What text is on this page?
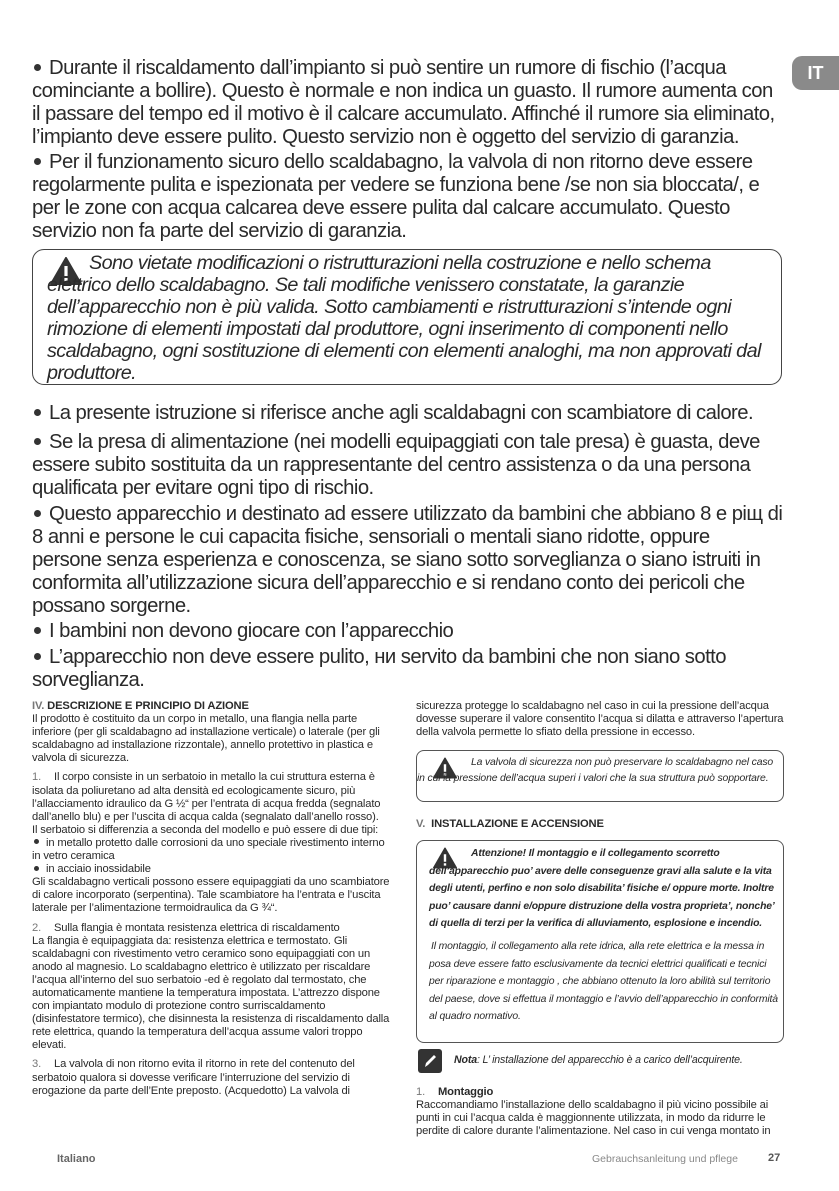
IT
Durante il riscaldamento dall’impianto si può sentire un rumore di fischio (l’acqua cominciante a bollire). Questo è normale e non indica un guasto. Il rumore aumenta con il passare del tempo ed il motivo è il calcare accumulato. Affinché il rumore sia eliminato, l’impianto deve essere pulito. Questo servizio non è oggetto del servizio di garanzia.
Per il funzionamento sicuro dello scaldabagno, la valvola di non ritorno deve essere regolarmente pulita e ispezionata per vedere se funziona bene /se non sia bloccata/, e per le zone con acqua calcarea deve essere pulita dal calcare accumulato. Questo servizio non fa parte del servizio di garanzia.
Sono vietate modificazioni o ristrutturazioni nella costruzione e nello schema elettrico dello scaldabagno. Se tali modifiche venissero constatate, la garanzie dell’apparecchio non è più valida. Sotto cambiamenti e ristrutturazioni s’intende ogni rimozione di elementi impostati dal produttore, ogni inserimento di componenti nello scaldabagno, ogni sostituzione di elementi con elementi analoghi, ma non approvati dal produttore.
La presente istruzione si riferisce anche agli scaldabagni con scambiatore di calore.
Se la presa di alimentazione (nei modelli equipaggiati con tale presa) è guasta, deve essere subito sostituita da un rappresentante del centro assistenza o da una persona qualificata per evitare ogni tipo di rischio.
Questo apparecchio и destinato ad essere utilizzato da bambini che abbiano 8 e рiщ di 8 anni e persone le cui capacita fisiche, sensoriali o mentali siano ridotte, oppure persone senza esperienza e conoscenza, se siano sotto sorveglianza o siano istruiti in conformita all’utilizzazione sicura dell’apparecchio e si rendano conto dei pericoli che possano sorgerne.
I bambini non devono giocare con l’apparecchio
L’apparecchio non deve essere pulito, ни servito da bambini che non siano sotto sorveglianza.

IV. DESCRIZIONE E PRINCIPIO DI AZIONE

Il prodotto è costituito da un corpo in metallo, una flangia nella parte inferiore (per gli scaldabagno ad installazione verticale) o laterale (per gli scaldabagno ad installazione rizzontale), annello protettivo in plastica e valvola di sicurezza.

1. Il corpo consiste in un serbatoio in metallo la cui struttura esterna è isolata da poliuretano ad alta densità ed ecologicamente sicuro, più l’allacciamento idraulico da G ½“ per l’entrata di acqua fredda (segnalato dall’anello blu) e per l’uscita di acqua calda (segnalato dall’anello rosso).

Il serbatoio si differenzia a seconda del modello e può essere di due tipi:

in metallo protetto dalle corrosioni da uno speciale rivestimento interno in vetro ceramica

in acciaio inossidabile

Gli scaldabagno verticali possono essere equipaggiati da uno scambiatore di calore incorporato (serpentina). Tale scambiatore ha l’entrata e l’uscita laterale per l’alimentazione termoidraulica da G ¾“.

2. Sulla flangia è montata resistenza elettrica di riscaldamento

La flangia è equipaggiata da: resistenza elettrica e termostato. Gli scaldabagni con rivestimento vetro ceramico sono equipaggiati con un anodo al magnesio. Lo scaldabagno elettrico è utilizzato per riscaldare l’acqua all’interno del suo serbatoio -ed è regolato dal termostato, che automaticamente mantiene la temperatura impostata. L’attrezzo dispone con impiantato modulo di protezione contro surriscaldamento (disinfestatore termico), che disinnesta la resistenza di riscaldamento dalla rete elettrica, quando la temperatura dell’acqua assume valori troppo elevati.

3. La valvola di non ritorno evita il ritorno in rete del contenuto del serbatoio qualora si dovesse verificare l’interruzione del servizio di erogazione da parte dell’Ente preposto. (Acquedotto) La valvola di

sicurezza protegge lo scaldabagno nel caso in cui la pressione dell’acqua dovesse superare il valore consentito l’acqua si dilatta e attraverso l’apertura della valvola permette lo sfiato della pressione in eccesso.

La valvola di sicurezza non può preservare lo scaldabagno nel caso in cui la pressione dell’acqua superi i valori che la sua struttura può sopportare.

V. INSTALLAZIONE E ACCENSIONE

Attenzione! Il montaggio e il collegamento scorretto dell’apparecchio puo’ avere delle conseguenze gravi alla salute e la vita degli utenti, perfino e non solo disabilita’ fisiche e/ oppure morte. Inoltre puo’ causare danni e/oppure distruzione della vostra proprieta’, nonche’ di quella di terzi per la verifica di alluviamento, esplosione e incendio.
Il montaggio, il collegamento alla rete idrica, alla rete elettrica e la messa in posa deve essere fatto esclusivamente da tecnici elettrici qualificati e tecnici per riparazione e montaggio , che abbiano ottenuto la loro abilità sul territorio del paese, dove si effettua il montaggio e l’avvio dell’apparecchio in conformità al quadro normativo.
Nota: L’ installazione del apparecchio è a carico dell’acquirente.

1. Montaggio

Raccomandiamo l’installazione dello scaldabagno il più vicino possibile ai punti in cui l’acqua calda è maggionnente utilizzata, in modo da ridurre le perdite di calore durante l’alimentazione. Nel caso in cui venga montato in

Italiano	Gebrauchsanleitung und pflege	27
